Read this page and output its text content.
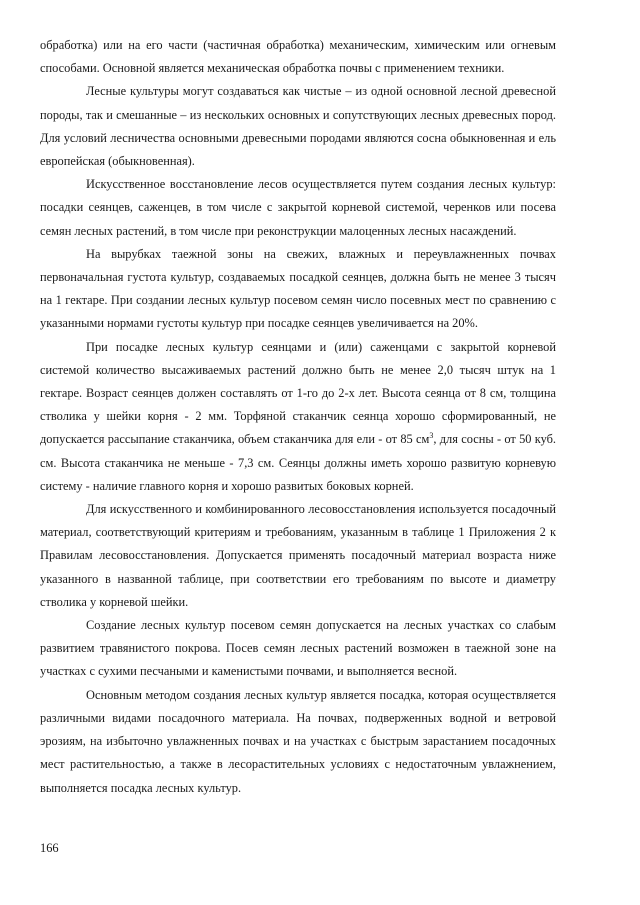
обработка) или на его части (частичная обработка) механическим, химическим или огневым способами. Основной является механическая обработка почвы с применением техники.

Лесные культуры могут создаваться как чистые – из одной основной лесной древесной породы, так и смешанные – из нескольких основных и сопутствующих лесных древесных пород. Для условий лесничества основными древесными породами являются сосна обыкновенная и ель европейская (обыкновенная).

Искусственное восстановление лесов осуществляется путем создания лесных культур: посадки сеянцев, саженцев, в том числе с закрытой корневой системой, черенков или посева семян лесных растений, в том числе при реконструкции малоценных лесных насаждений.

На вырубках таежной зоны на свежих, влажных и переувлажненных почвах первоначальная густота культур, создаваемых посадкой сеянцев, должна быть не менее 3 тысяч на 1 гектаре. При создании лесных культур посевом семян число посевных мест по сравнению с указанными нормами густоты культур при посадке сеянцев увеличивается на 20%.

При посадке лесных культур сеянцами и (или) саженцами с закрытой корневой системой количество высаживаемых растений должно быть не менее 2,0 тысяч штук на 1 гектаре. Возраст сеянцев должен составлять от 1-го до 2-х лет. Высота сеянца от 8 см, толщина стволика у шейки корня - 2 мм. Торфяной стаканчик сеянца хорошо сформированный, не допускается рассыпание стаканчика, объем стаканчика для ели - от 85 $см^3$, для сосны - от 50 куб. см. Высота стаканчика не меньше - 7,3 см. Сеянцы должны иметь хорошо развитую корневую систему - наличие главного корня и хорошо развитых боковых корней.

Для искусственного и комбинированного лесовосстановления используется посадочный материал, соответствующий критериям и требованиям, указанным в таблице 1 Приложения 2 к Правилам лесовосстановления. Допускается применять посадочный материал возраста ниже указанного в названной таблице, при соответствии его требованиям по высоте и диаметру стволика у корневой шейки.

Создание лесных культур посевом семян допускается на лесных участках со слабым развитием травянистого покрова. Посев семян лесных растений возможен в таежной зоне на участках с сухими песчаными и каменистыми почвами, и выполняется весной.

Основным методом создания лесных культур является посадка, которая осуществляется различными видами посадочного материала. На почвах, подверженных водной и ветровой эрозиям, на избыточно увлажненных почвах и на участках с быстрым зарастанием посадочных мест растительностью, а также в лесорастительных условиях с недостаточным увлажнением, выполняется посадка лесных культур.

166
